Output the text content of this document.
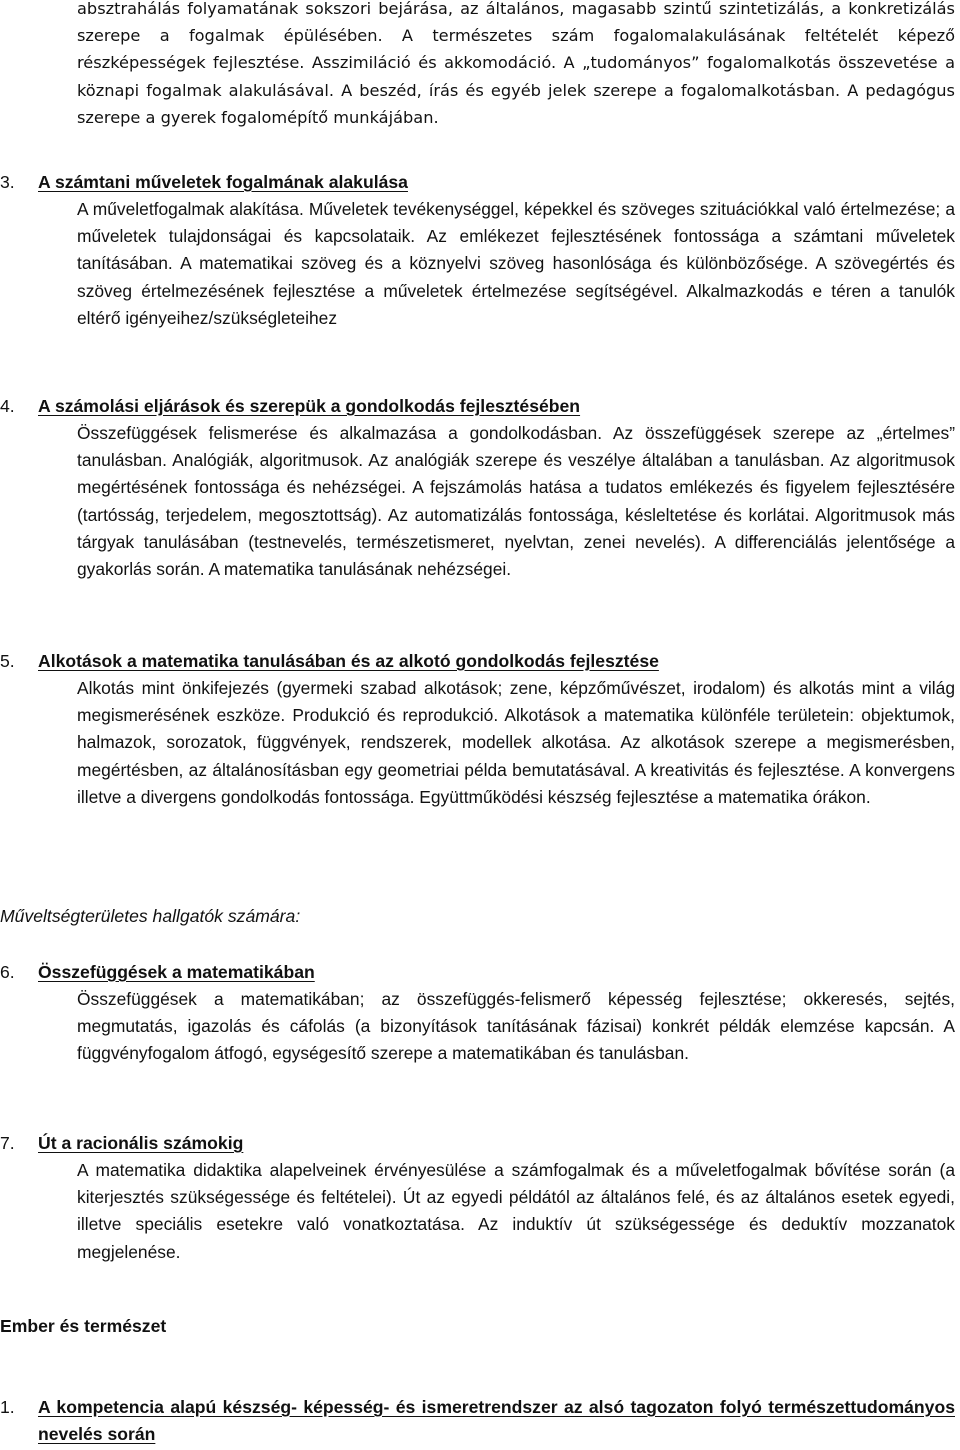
absztrahálás folyamatának sokszori bejárása, az általános, magasabb szintű szintetizálás, a konkretizálás szerepe a fogalmak épülésében. A természetes szám fogalomalakulásának feltételét képező részképességek fejlesztése. Asszimiláció és akkomodáció. A „tudományos” fogalomalkotás összevetése a köznapi fogalmak alakulásával. A beszéd, írás és egyéb jelek szerepe a fogalomalkotásban. A pedagógus szerepe a gyerek fogalomépítő munkájában.
3. A számtani műveletek fogalmának alakulása
A műveletfogalmak alakítása. Műveletek tevékenységgel, képekkel és szöveges szituációkkal való értelmezése; a műveletek tulajdonságai és kapcsolataik. Az emlékezet fejlesztésének fontossága a számtani műveletek tanításában. A matematikai szöveg és a köznyelvi szöveg hasonlósága és különbözősége. A szövegértés és szöveg értelmezésének fejlesztése a műveletek értelmezése segítségével. Alkalmazkodás e téren a tanulók eltérő igényeihez/szükségleteihez
4. A számolási eljárások és szerepük a gondolkodás fejlesztésében
Összefüggések felismerése és alkalmazása a gondolkodásban. Az összefüggések szerepe az „értelmes” tanulásban. Analógiák, algoritmusok. Az analógiák szerepe és veszélye általában a tanulásban. Az algoritmusok megértésének fontossága és nehézségei. A fejszámolás hatása a tudatos emlékezés és figyelem fejlesztésére (tartósság, terjedelem, megosztottság). Az automatizálás fontossága, késleltetése és korlátai. Algoritmusok más tárgyak tanulásában (testnevelés, természetismeret, nyelvtan, zenei nevelés). A differenciálás jelentősége a gyakorlás során. A matematika tanulásának nehézségei.
5. Alkotások a matematika tanulásában és az alkotó gondolkodás fejlesztése
Alkotás mint önkifejezés (gyermeki szabad alkotások; zene, képzőművészet, irodalom) és alkotás mint a világ megismerésének eszköze. Produkció és reprodukció. Alkotások a matematika különféle területein: objektumok, halmazok, sorozatok, függvények, rendszerek, modellek alkotása. Az alkotások szerepe a megismerésben, megértésben, az általánosításban egy geometriai példa bemutatásával. A kreativitás és fejlesztése. A konvergens illetve a divergens gondolkodás fontossága. Együttműködési készség fejlesztése a matematika órákon.
Műveltségterületes hallgatók számára:
6. Összefüggések a matematikában
Összefüggések a matematikában; az összefüggés-felismerő képesség fejlesztése; okkeresés, sejtés, megmutatás, igazolás és cáfolás (a bizonyítások tanításának fázisai) konkrét példák elemzése kapcsán. A függvényfogalom átfogó, egységesítő szerepe a matematikában és tanulásban.
7. Út a racionális számokig
A matematika didaktika alapelveinek érvényesülése a számfogalmak és a műveletfogalmak bővítése során (a kiterjesztés szükségessége és feltételei). Út az egyedi példától az általános felé, és az általános esetek egyedi, illetve speciális esetekre való vonatkoztatása. Az induktív út szükségessége és deduktív mozzanatok megjelenése.
Ember és természet
1. A kompetencia alapú készség- képesség- és ismeretrendszer az alsó tagozaton folyó természettudományos nevelés során
